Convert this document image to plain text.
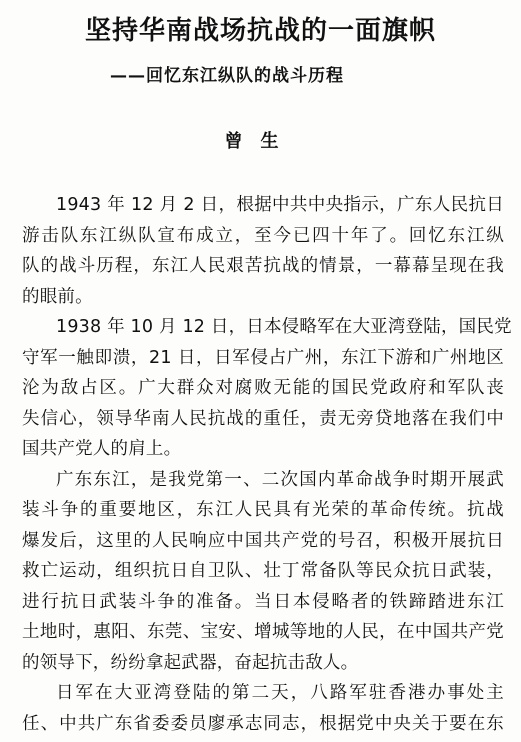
坚持华南战场抗战的一面旗帜
——回忆东江纵队的战斗历程
曾生
1943 年 12 月 2 日，根据中共中央指示，广东人民抗日
游击队东江纵队宣布成立，至今已四十年了。回忆东江纵
队的战斗历程，东江人民艰苦抗战的情景，一幕幕呈现在我
的眼前。
1938 年 10 月 12 日，日本侵略军在大亚湾登陆，国民党
守军一触即溃，21 日，日军侵占广州，东江下游和广州地区
沦为敌占区。广大群众对腐败无能的国民党政府和军队丧
失信心，领导华南人民抗战的重任，责无旁贷地落在我们中
国共产党人的肩上。
广东东江，是我党第一、二次国内革命战争时期开展武
装斗争的重要地区，东江人民具有光荣的革命传统。抗战
爆发后，这里的人民响应中国共产党的号召，积极开展抗日
救亡运动，组织抗日自卫队、壮丁常备队等民众抗日武装，
进行抗日武装斗争的准备。当日本侵略者的铁蹄踏进东江
土地时，惠阳、东莞、宝安、增城等地的人民，在中国共产党
的领导下，纷纷拿起武器，奋起抗击敌人。
日军在大亚湾登陆的第二天，八路军驻香港办事处主
任、中共广东省委委员廖承志同志，根据党中央关于要在东
